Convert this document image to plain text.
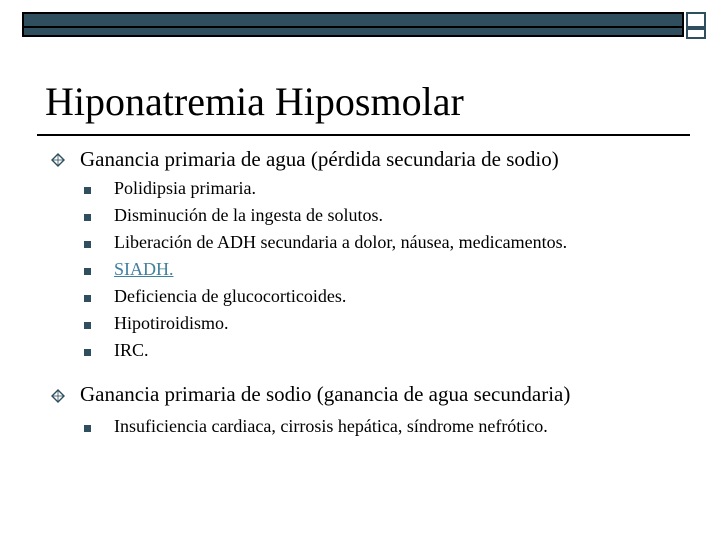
Hiponatremia Hiposmolar
Ganancia primaria de agua (pérdida secundaria de sodio)
Polidipsia primaria.
Disminución de la ingesta de solutos.
Liberación de ADH secundaria a dolor, náusea, medicamentos.
SIADH.
Deficiencia de glucocorticoides.
Hipotiroidismo.
IRC.
Ganancia primaria de sodio (ganancia de agua secundaria)
Insuficiencia cardiaca, cirrosis hepática, síndrome nefrótico.
